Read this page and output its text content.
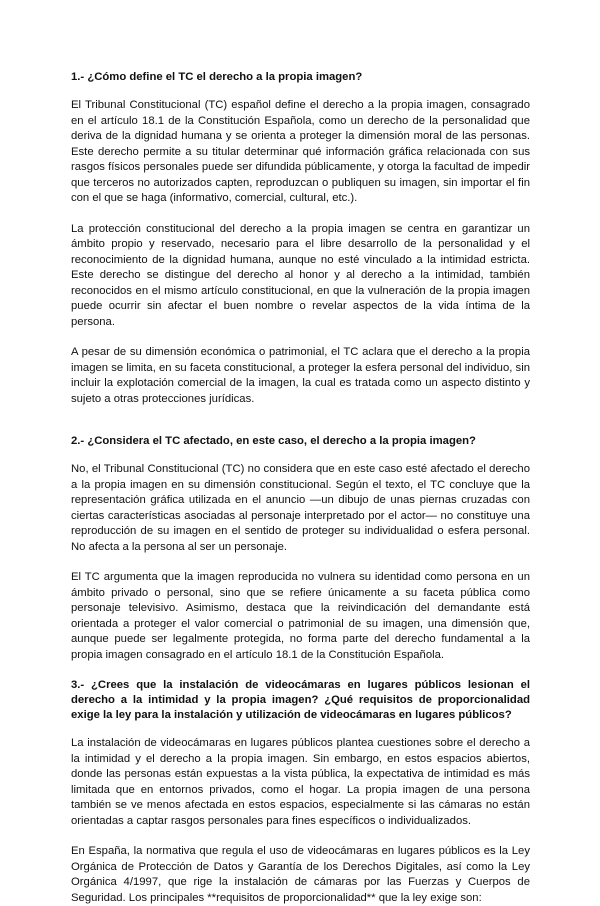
1.- ¿Cómo define el TC el derecho a la propia imagen?

El Tribunal Constitucional (TC) español define el derecho a la propia imagen, consagrado en el artículo 18.1 de la Constitución Española, como un derecho de la personalidad que deriva de la dignidad humana y se orienta a proteger la dimensión moral de las personas. Este derecho permite a su titular determinar qué información gráfica relacionada con sus rasgos físicos personales puede ser difundida públicamente, y otorga la facultad de impedir que terceros no autorizados capten, reproduzcan o publiquen su imagen, sin importar el fin con el que se haga (informativo, comercial, cultural, etc.).

La protección constitucional del derecho a la propia imagen se centra en garantizar un ámbito propio y reservado, necesario para el libre desarrollo de la personalidad y el reconocimiento de la dignidad humana, aunque no esté vinculado a la intimidad estricta. Este derecho se distingue del derecho al honor y al derecho a la intimidad, también reconocidos en el mismo artículo constitucional, en que la vulneración de la propia imagen puede ocurrir sin afectar el buen nombre o revelar aspectos de la vida íntima de la persona.

A pesar de su dimensión económica o patrimonial, el TC aclara que el derecho a la propia imagen se limita, en su faceta constitucional, a proteger la esfera personal del individuo, sin incluir la explotación comercial de la imagen, la cual es tratada como un aspecto distinto y sujeto a otras protecciones jurídicas.

2.- ¿Considera el TC afectado, en este caso, el derecho a la propia imagen?

No, el Tribunal Constitucional (TC) no considera que en este caso esté afectado el derecho a la propia imagen en su dimensión constitucional. Según el texto, el TC concluye que la representación gráfica utilizada en el anuncio —un dibujo de unas piernas cruzadas con ciertas características asociadas al personaje interpretado por el actor— no constituye una reproducción de su imagen en el sentido de proteger su individualidad o esfera personal. No afecta a la persona al ser un personaje.

El TC argumenta que la imagen reproducida no vulnera su identidad como persona en un ámbito privado o personal, sino que se refiere únicamente a su faceta pública como personaje televisivo. Asimismo, destaca que la reivindicación del demandante está orientada a proteger el valor comercial o patrimonial de su imagen, una dimensión que, aunque puede ser legalmente protegida, no forma parte del derecho fundamental a la propia imagen consagrado en el artículo 18.1 de la Constitución Española.

3.- ¿Crees que la instalación de videocámaras en lugares públicos lesionan el derecho a la intimidad y la propia imagen? ¿Qué requisitos de proporcionalidad exige la ley para la instalación y utilización de videocámaras en lugares públicos?

La instalación de videocámaras en lugares públicos plantea cuestiones sobre el derecho a la intimidad y el derecho a la propia imagen. Sin embargo, en estos espacios abiertos, donde las personas están expuestas a la vista pública, la expectativa de intimidad es más limitada que en entornos privados, como el hogar. La propia imagen de una persona también se ve menos afectada en estos espacios, especialmente si las cámaras no están orientadas a captar rasgos personales para fines específicos o individualizados.

En España, la normativa que regula el uso de videocámaras en lugares públicos es la Ley Orgánica de Protección de Datos y Garantía de los Derechos Digitales, así como la Ley Orgánica 4/1997, que rige la instalación de cámaras por las Fuerzas y Cuerpos de Seguridad. Los principales **requisitos de proporcionalidad** que la ley exige son:
